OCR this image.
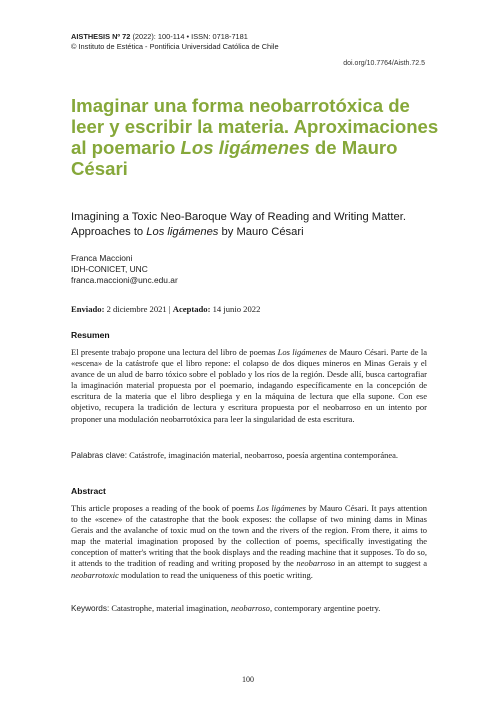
AISTHESIS Nº 72 (2022): 100-114 • ISSN: 0718-7181
© Instituto de Estética - Pontificia Universidad Católica de Chile
doi.org/10.7764/Aisth.72.5
Imaginar una forma neobarrotóxica de leer y escribir la materia. Aproximaciones al poemario Los ligámenes de Mauro Césari
Imagining a Toxic Neo-Baroque Way of Reading and Writing Matter. Approaches to Los ligámenes by Mauro Césari
Franca Maccioni
IDH-CONICET, UNC
franca.maccioni@unc.edu.ar
Enviado: 2 diciembre 2021 | Aceptado: 14 junio 2022
Resumen
El presente trabajo propone una lectura del libro de poemas Los ligámenes de Mauro Césari. Parte de la «escena» de la catástrofe que el libro repone: el colapso de dos diques mineros en Minas Gerais y el avance de un alud de barro tóxico sobre el poblado y los ríos de la región. Desde allí, busca cartografiar la imaginación material propuesta por el poemario, indagando específicamente en la concepción de escritura de la materia que el libro despliega y en la máquina de lectura que ella supone. Con ese objetivo, recupera la tradición de lectura y escritura propuesta por el neobarroso en un intento por proponer una modulación neobarrotóxica para leer la singularidad de esta escritura.
Palabras clave: Catástrofe, imaginación material, neobarroso, poesía argentina contemporánea.
Abstract
This article proposes a reading of the book of poems Los ligámenes by Mauro Césari. It pays attention to the «scene» of the catastrophe that the book exposes: the collapse of two mining dams in Minas Gerais and the avalanche of toxic mud on the town and the rivers of the region. From there, it aims to map the material imagination proposed by the collection of poems, specifically investigating the conception of matter's writing that the book displays and the reading machine that it supposes. To do so, it attends to the tradition of reading and writing proposed by the neobarroso in an attempt to suggest a neobarrotoxic modulation to read the uniqueness of this poetic writing.
Keywords: Catastrophe, material imagination, neobarroso, contemporary argentine poetry.
100
